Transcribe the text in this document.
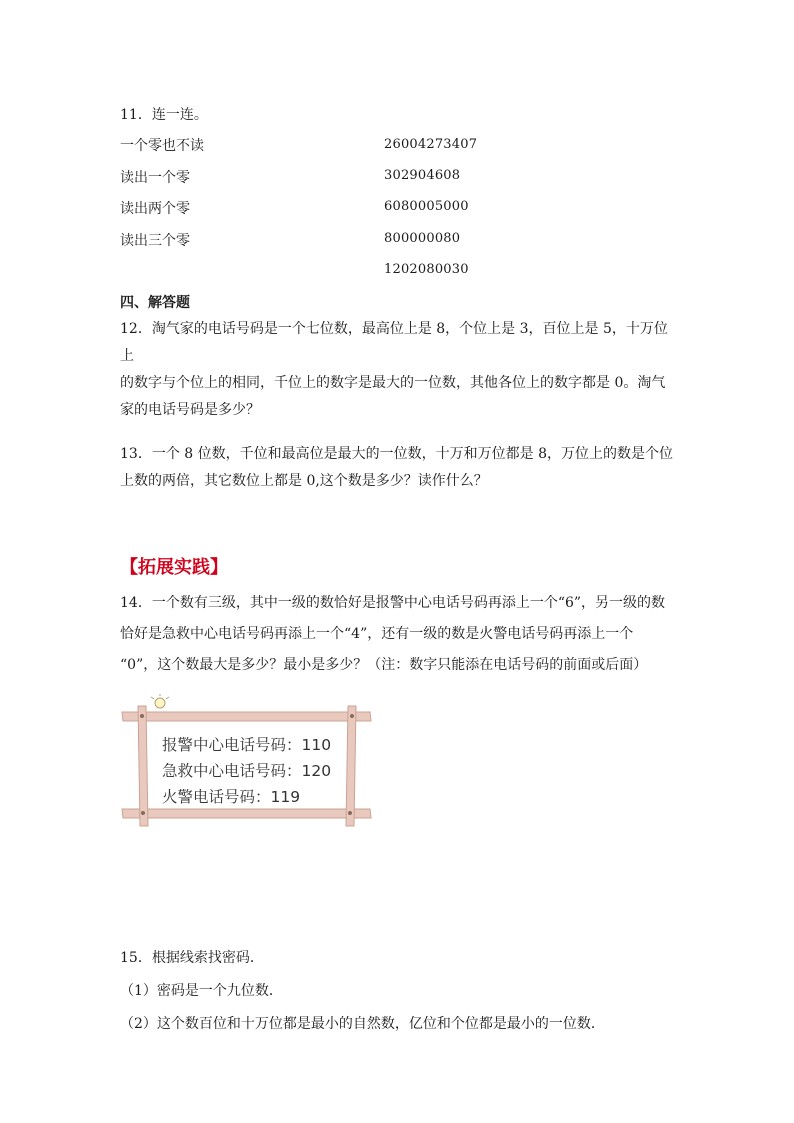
11．连一连。
一个零也不读
读出一个零
读出两个零
读出三个零
26004273407
302904608
6080005000
800000080
1202080030
四、解答题
12．淘气家的电话号码是一个七位数，最高位上是 8，个位上是 3，百位上是 5，十万位上
的数字与个位上的相同，千位上的数字是最大的一位数，其他各位上的数字都是 0。淘气
家的电话号码是多少？
13．一个 8 位数，千位和最高位是最大的一位数，十万和万位都是 8，万位上的数是个位
上数的两倍，其它数位上都是 0,这个数是多少？读作什么？
【拓展实践】
14．一个数有三级，其中一级的数恰好是报警中心电话号码再添上一个“6”，另一级的数
恰好是急救中心电话号码再添上一个“4”，还有一级的数是火警电话号码再添上一个
“0”，这个数最大是多少？最小是多少？（注：数字只能添在电话号码的前面或后面）
报警中心电话号码：110
急救中心电话号码：120
火警电话号码：119
15．根据线索找密码．
（1）密码是一个九位数．
（2）这个数百位和十万位都是最小的自然数，亿位和个位都是最小的一位数．
